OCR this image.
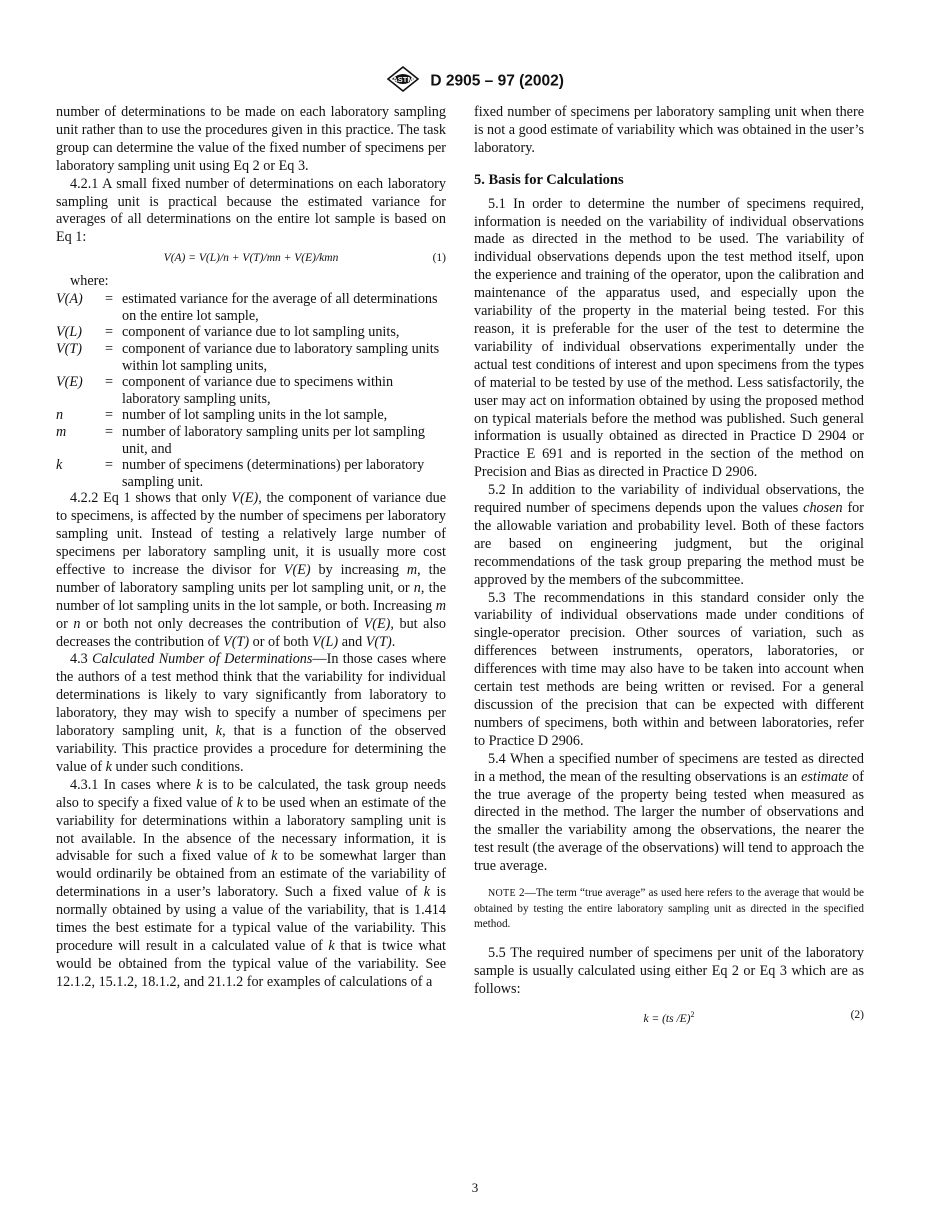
ASTM D 2905 – 97 (2002)

number of determinations to be made on each laboratory sampling unit rather than to use the procedures given in this practice. The task group can determine the value of the fixed number of specimens per laboratory sampling unit using Eq 2 or Eq 3.

4.2.1 A small fixed number of determinations on each laboratory sampling unit is practical because the estimated variance for averages of all determinations on the entire lot sample is based on Eq 1:

V(A) = V(L)/n + V(T)/mn + V(E)/kmn	(1)

where:

V(A)	=	estimated variance for the average of all determinations on the entire lot sample,
V(L)	=	component of variance due to lot sampling units,
V(T)	=	component of variance due to laboratory sampling units within lot sampling units,
V(E)	=	component of variance due to specimens within laboratory sampling units,
n	=	number of lot sampling units in the lot sample,
m	=	number of laboratory sampling units per lot sampling unit, and
k	=	number of specimens (determinations) per laboratory sampling unit.

4.2.2 Eq 1 shows that only V(E), the component of variance due to specimens, is affected by the number of specimens per laboratory sampling unit. Instead of testing a relatively large number of specimens per laboratory sampling unit, it is usually more cost effective to increase the divisor for V(E) by increasing m, the number of laboratory sampling units per lot sampling unit, or n, the number of lot sampling units in the lot sample, or both. Increasing m or n or both not only decreases the contribution of V(E), but also decreases the contribution of V(T) or of both V(L) and V(T).

4.3 Calculated Number of Determinations—In those cases where the authors of a test method think that the variability for individual determinations is likely to vary significantly from laboratory to laboratory, they may wish to specify a number of specimens per laboratory sampling unit, k, that is a function of the observed variability. This practice provides a procedure for determining the value of k under such conditions.

4.3.1 In cases where k is to be calculated, the task group needs also to specify a fixed value of k to be used when an estimate of the variability for determinations within a laboratory sampling unit is not available. In the absence of the necessary information, it is advisable for such a fixed value of k to be somewhat larger than would ordinarily be obtained from an estimate of the variability of determinations in a user’s laboratory. Such a fixed value of k is normally obtained by using a value of the variability, that is 1.414 times the best estimate for a typical value of the variability. This procedure will result in a calculated value of k that is twice what would be obtained from the typical value of the variability. See 12.1.2, 15.1.2, 18.1.2, and 21.1.2 for examples of calculations of a

fixed number of specimens per laboratory sampling unit when there is not a good estimate of variability which was obtained in the user’s laboratory.

5. Basis for Calculations

5.1 In order to determine the number of specimens required, information is needed on the variability of individual observations made as directed in the method to be used. The variability of individual observations depends upon the test method itself, upon the experience and training of the operator, upon the calibration and maintenance of the apparatus used, and especially upon the variability of the property in the material being tested. For this reason, it is preferable for the user of the test to determine the variability of individual observations experimentally under the actual test conditions of interest and upon specimens from the types of material to be tested by use of the method. Less satisfactorily, the user may act on information obtained by using the proposed method on typical materials before the method was published. Such general information is usually obtained as directed in Practice D 2904 or Practice E 691 and is reported in the section of the method on Precision and Bias as directed in Practice D 2906.

5.2 In addition to the variability of individual observations, the required number of specimens depends upon the values chosen for the allowable variation and probability level. Both of these factors are based on engineering judgment, but the original recommendations of the task group preparing the method must be approved by the members of the subcommittee.

5.3 The recommendations in this standard consider only the variability of individual observations made under conditions of single-operator precision. Other sources of variation, such as differences between instruments, operators, laboratories, or differences with time may also have to be taken into account when certain test methods are being written or revised. For a general discussion of the precision that can be expected with different numbers of specimens, both within and between laboratories, refer to Practice D 2906.

5.4 When a specified number of specimens are tested as directed in a method, the mean of the resulting observations is an estimate of the true average of the property being tested when measured as directed in the method. The larger the number of observations and the smaller the variability among the observations, the nearer the test result (the average of the observations) will tend to approach the true average.

NOTE 2—The term “true average” as used here refers to the average that would be obtained by testing the entire laboratory sampling unit as directed in the specified method.

5.5 The required number of specimens per unit of the laboratory sample is usually calculated using either Eq 2 or Eq 3 which are as follows:

k = (ts /E)$^2$	(2)
3
